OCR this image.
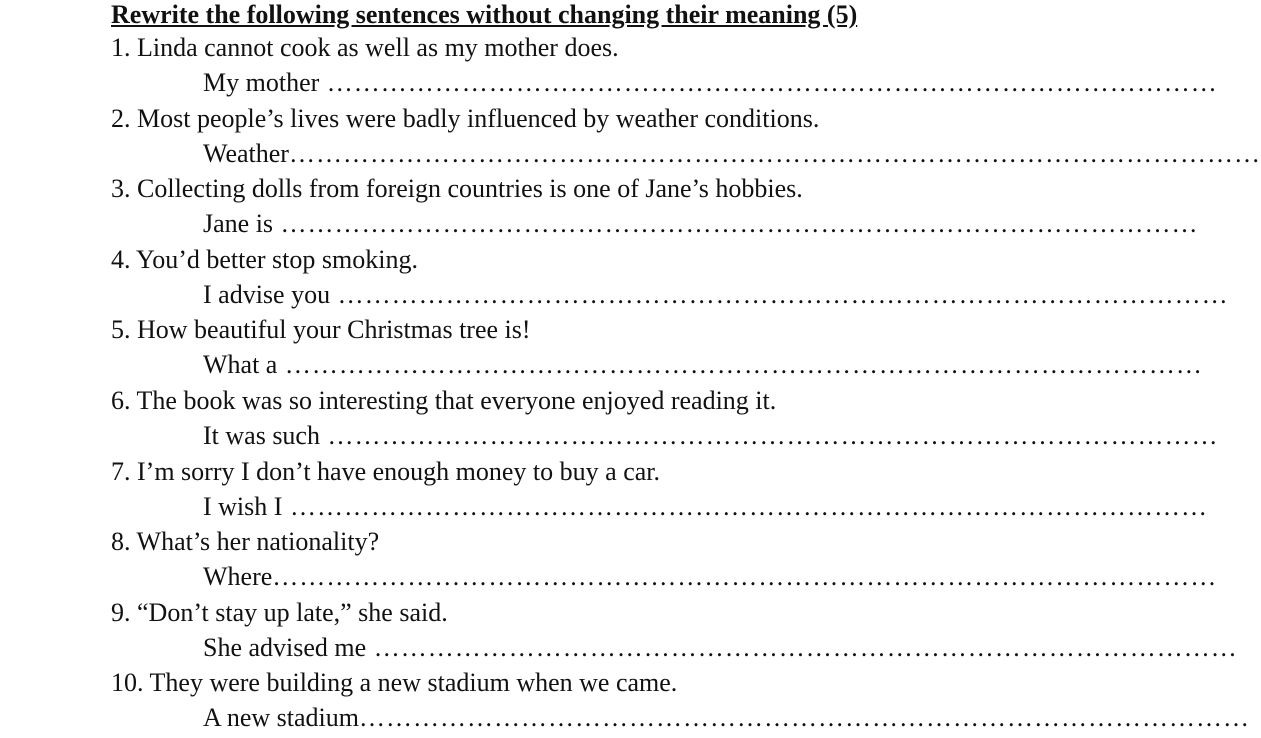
Rewrite the following sentences without changing their meaning (5)
1. Linda cannot cook as well as my mother does.
My mother ………………………………………………………………………………………
2. Most people’s lives were badly influenced by weather conditions.
Weather………………………………………………………………………………………………
3. Collecting dolls from foreign countries is one of Jane’s hobbies.
Jane is …………………………………………………………………………………………
4. You’d better stop smoking.
I advise you ………………………………………………………………………………………
5. How beautiful your Christmas tree is!
What a …………………………………………………………………………………………
6. The book was so interesting that everyone enjoyed reading it.
It was such ………………………………………………………………………………………
7. I’m sorry I don’t have enough money to buy a car.
I wish I …………………………………………………………………………………………
8. What’s her nationality?
Where……………………………………………………………………………………………
9. “Don’t stay up late,” she said.
She advised me ……………………………………………………………………………………
10. They were building a new stadium when we came.
A new stadium………………………………………………………………………………………
